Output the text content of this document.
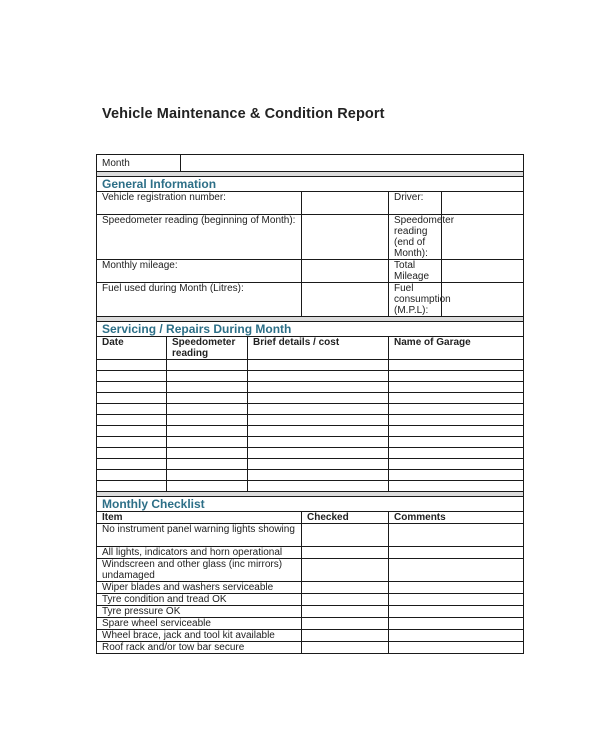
Vehicle Maintenance & Condition Report
Month						

General Information						
Vehicle registration number:					Driver:	
Speedometer reading (beginning of Month):					Speedometer reading (end of Month):	
Monthly mileage:					Total Mileage	
Fuel used during Month (Litres):					Fuel consumption (M.P.L):	

Servicing / Repairs During Month						
Date	Speedometer reading		Brief details / cost		Name of Garage	

Monthly Checklist						
Item				Checked	Comments	
No instrument panel warning lights showing						
All lights, indicators and horn operational						
Windscreen and other glass (inc mirrors) undamaged						
Wiper blades and washers serviceable						
Tyre condition and tread OK						
Tyre pressure OK						
Spare wheel serviceable						
Wheel brace, jack and tool kit available						
Roof rack and/or tow bar secure						
